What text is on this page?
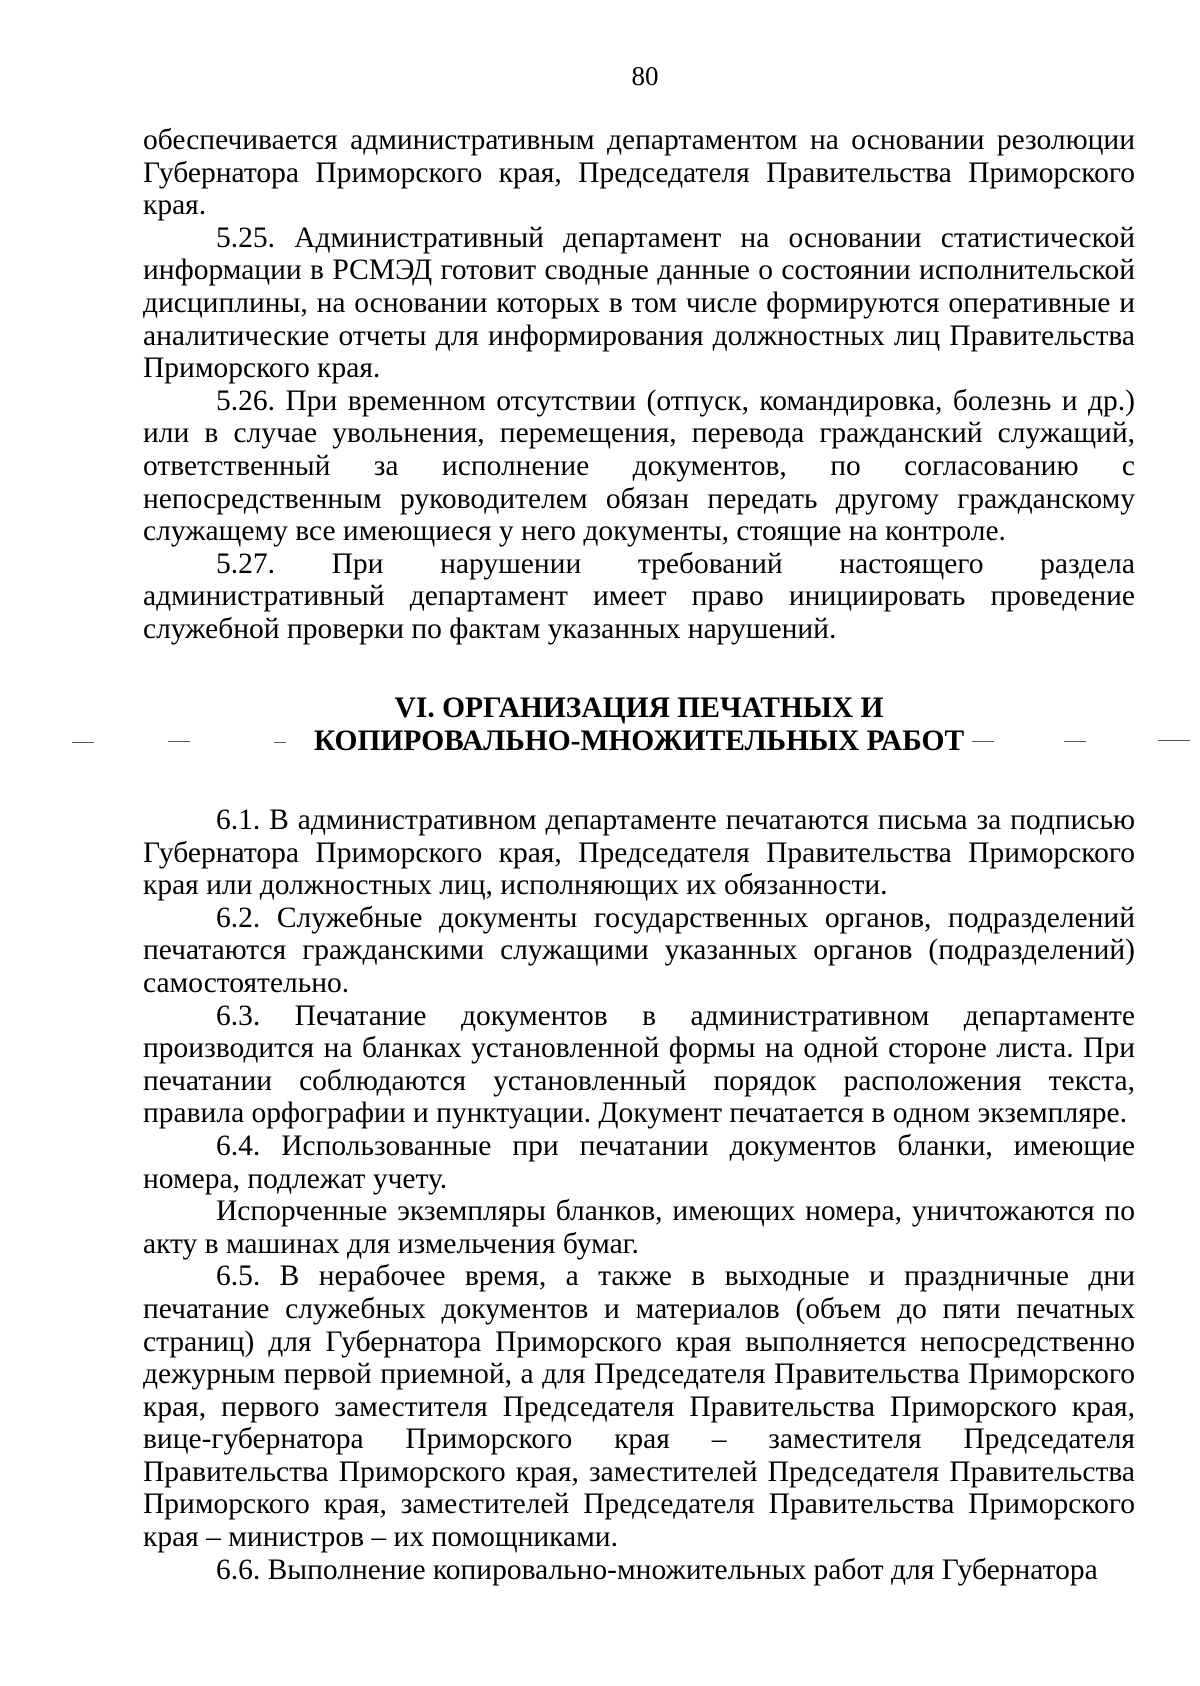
80

обеспечивается административным департаментом на основании резолюции Губернатора Приморского края, Председателя Правительства Приморского края.

5.25. Административный департамент на основании статистической информации в РСМЭД готовит сводные данные о состоянии исполнительской дисциплины, на основании которых в том числе формируются оперативные и аналитические отчеты для информирования должностных лиц Правительства Приморского края.

5.26. При временном отсутствии (отпуск, командировка, болезнь и др.) или в случае увольнения, перемещения, перевода гражданский служащий, ответственный за исполнение документов, по согласованию с непосредственным руководителем обязан передать другому гражданскому служащему все имеющиеся у него документы, стоящие на контроле.

5.27. При нарушении требований настоящего раздела административный департамент имеет право инициировать проведение служебной проверки по фактам указанных нарушений.

VI. ОРГАНИЗАЦИЯ ПЕЧАТНЫХ И
КОПИРОВАЛЬНО-МНОЖИТЕЛЬНЫХ РАБОТ

6.1. В административном департаменте печатаются письма за подписью Губернатора Приморского края, Председателя Правительства Приморского края или должностных лиц, исполняющих их обязанности.

6.2. Служебные документы государственных органов, подразделений печатаются гражданскими служащими указанных органов (подразделений) самостоятельно.

6.3. Печатание документов в административном департаменте производится на бланках установленной формы на одной стороне листа. При печатании соблюдаются установленный порядок расположения текста, правила орфографии и пунктуации. Документ печатается в одном экземпляре.

6.4. Использованные при печатании документов бланки, имеющие номера, подлежат учету.

Испорченные экземпляры бланков, имеющих номера, уничтожаются по акту в машинах для измельчения бумаг.

6.5. В нерабочее время, а также в выходные и праздничные дни печатание служебных документов и материалов (объем до пяти печатных страниц) для Губернатора Приморского края выполняется непосредственно дежурным первой приемной, а для Председателя Правительства Приморского края, первого заместителя Председателя Правительства Приморского края, вице-губернатора Приморского края – заместителя Председателя Правительства Приморского края, заместителей Председателя Правительства Приморского края, заместителей Председателя Правительства Приморского края – министров – их помощниками.

6.6. Выполнение копировально-множительных работ для Губернатора
